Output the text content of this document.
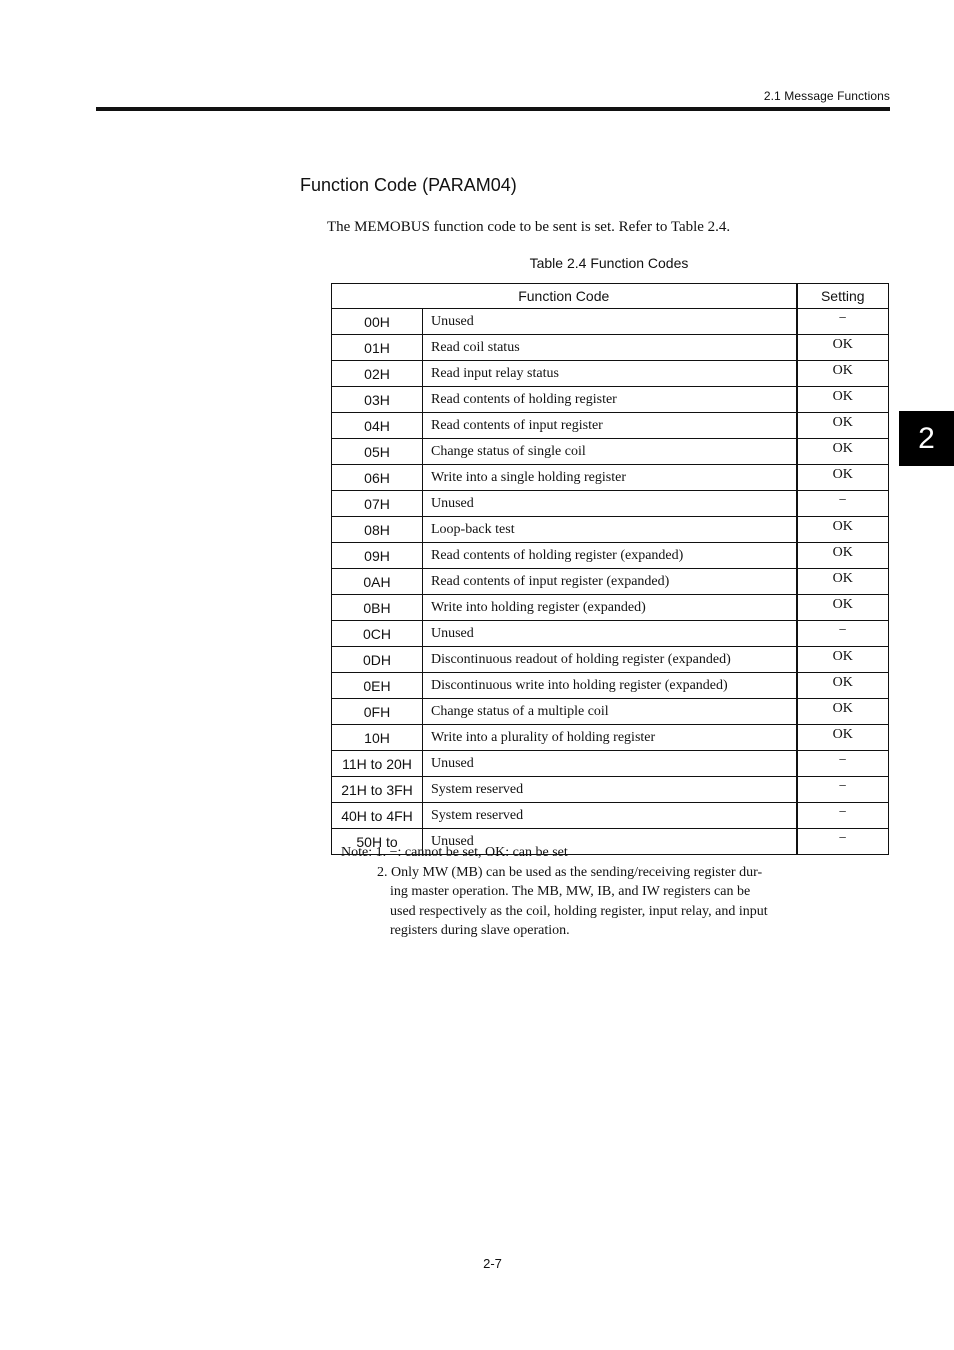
2.1 Message Functions
Function Code (PARAM04)

The MEMOBUS function code to be sent is set. Refer to Table 2.4.

Table 2.4 Function Codes
Function Code		Setting
00H	Unused	−
01H	Read coil status	OK
02H	Read input relay status	OK
03H	Read contents of holding register	OK
04H	Read contents of input register	OK
05H	Change status of single coil	OK
06H	Write into a single holding register	OK
07H	Unused	−
08H	Loop-back test	OK
09H	Read contents of holding register (expanded)	OK
0AH	Read contents of input register (expanded)	OK
0BH	Write into holding register (expanded)	OK
0CH	Unused	−
0DH	Discontinuous readout of holding register (expanded)	OK
0EH	Discontinuous write into holding register (expanded)	OK
0FH	Change status of a multiple coil	OK
10H	Write into a plurality of holding register	OK
11H to 20H	Unused	−
21H to 3FH	System reserved	−
40H to 4FH	System reserved	−
50H to	Unused	−
Note: 1. −: cannot be set, OK: can be set
2. Only MW (MB) can be used as the sending/receiving register dur-
ing master operation. The MB, MW, IB, and IW registers can be
used respectively as the coil, holding register, input relay, and input
registers during slave operation.
2
2-7
